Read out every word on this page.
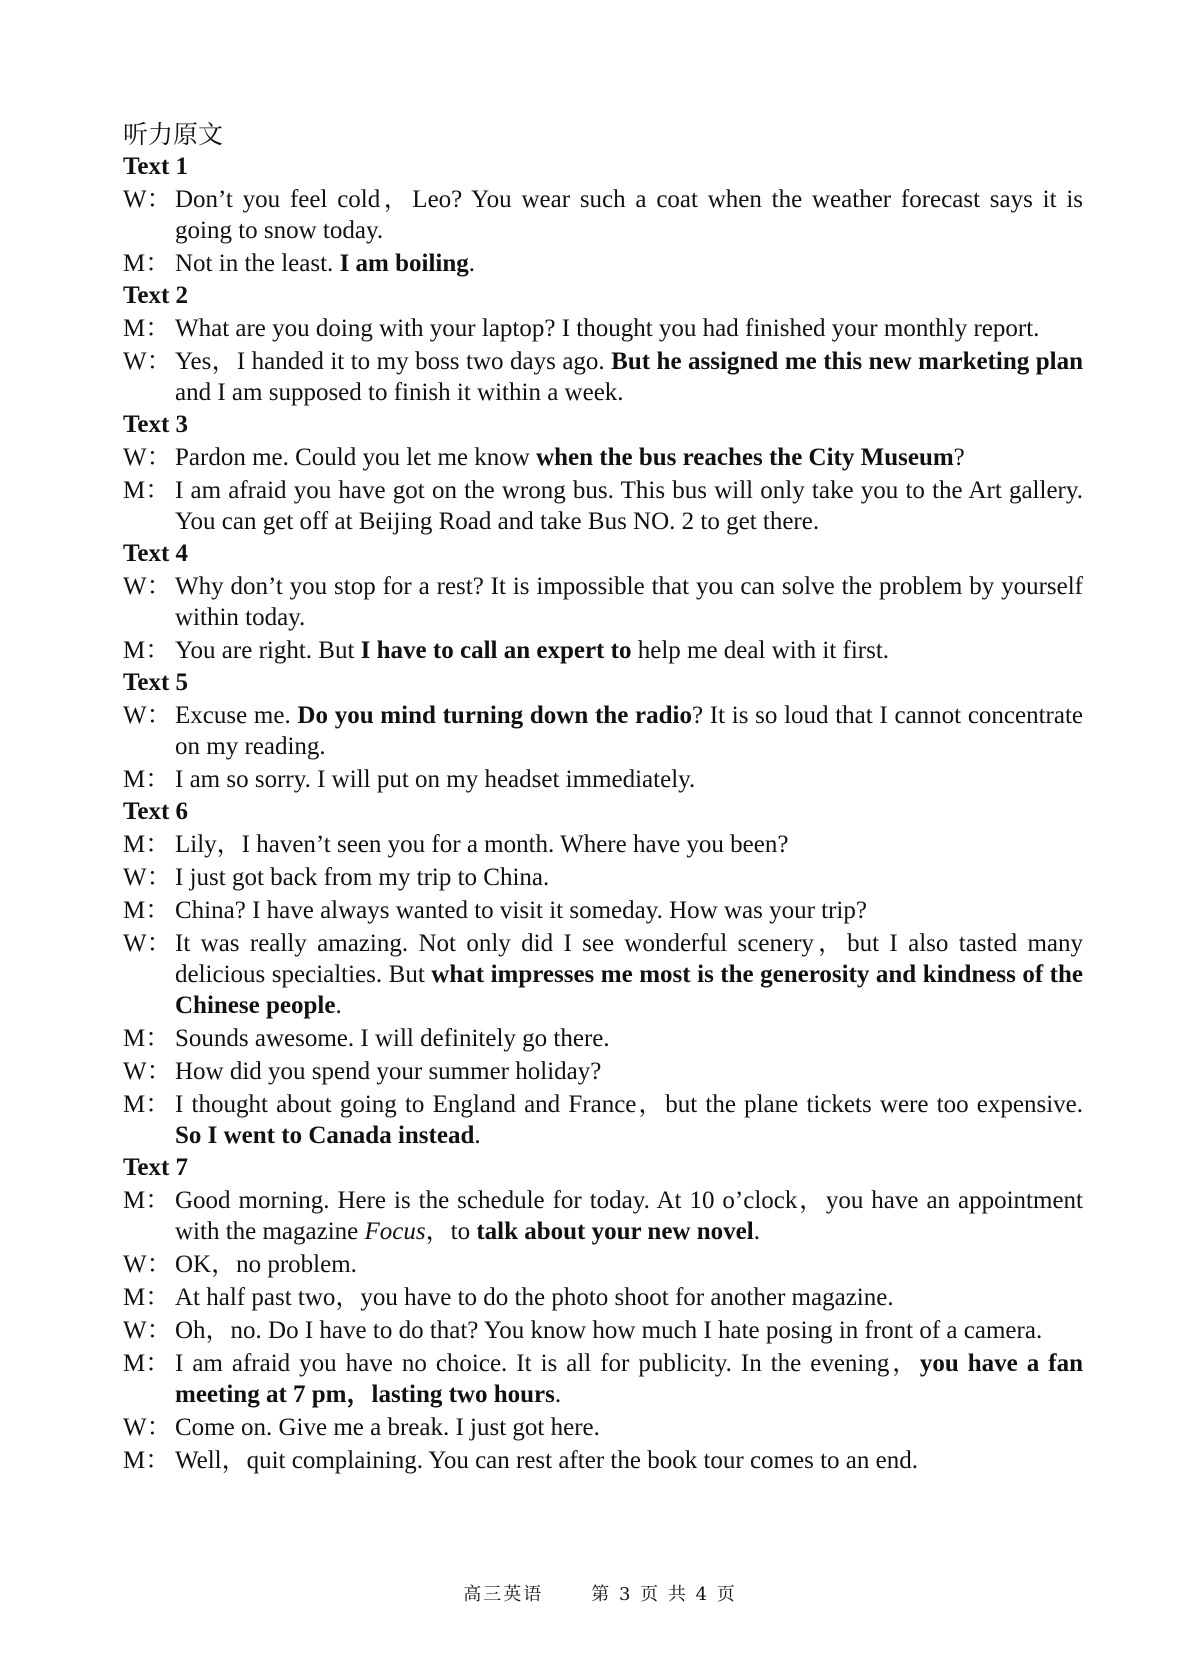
听力原文
Text 1
W： Don’t you feel cold，Leo? You wear such a coat when the weather forecast says it is going to snow today.
M： Not in the least. I am boiling.
Text 2
M： What are you doing with your laptop? I thought you had finished your monthly report.
W： Yes，I handed it to my boss two days ago. But he assigned me this new marketing plan and I am supposed to finish it within a week.
Text 3
W： Pardon me. Could you let me know when the bus reaches the City Museum?
M： I am afraid you have got on the wrong bus. This bus will only take you to the Art gallery. You can get off at Beijing Road and take Bus NO. 2 to get there.
Text 4
W： Why don’t you stop for a rest? It is impossible that you can solve the problem by yourself within today.
M： You are right. But I have to call an expert to help me deal with it first.
Text 5
W： Excuse me. Do you mind turning down the radio? It is so loud that I cannot concentrate on my reading.
M： I am so sorry. I will put on my headset immediately.
Text 6
M： Lily，I haven’t seen you for a month. Where have you been?
W： I just got back from my trip to China.
M： China? I have always wanted to visit it someday. How was your trip?
W： It was really amazing. Not only did I see wonderful scenery，but I also tasted many delicious specialties. But what impresses me most is the generosity and kindness of the Chinese people.
M： Sounds awesome. I will definitely go there.
W： How did you spend your summer holiday?
M： I thought about going to England and France，but the plane tickets were too expensive. So I went to Canada instead.
Text 7
M： Good morning. Here is the schedule for today. At 10 o’clock，you have an appointment with the magazine Focus，to talk about your new novel.
W： OK，no problem.
M： At half past two，you have to do the photo shoot for another magazine.
W： Oh，no. Do I have to do that? You know how much I hate posing in front of a camera.
M： I am afraid you have no choice. It is all for publicity. In the evening，you have a fan meeting at 7 pm，lasting two hours.
W： Come on. Give me a break. I just got here.
M： Well，quit complaining. You can rest after the book tour comes to an end.
高三英语	第 3 页 共 4 页
